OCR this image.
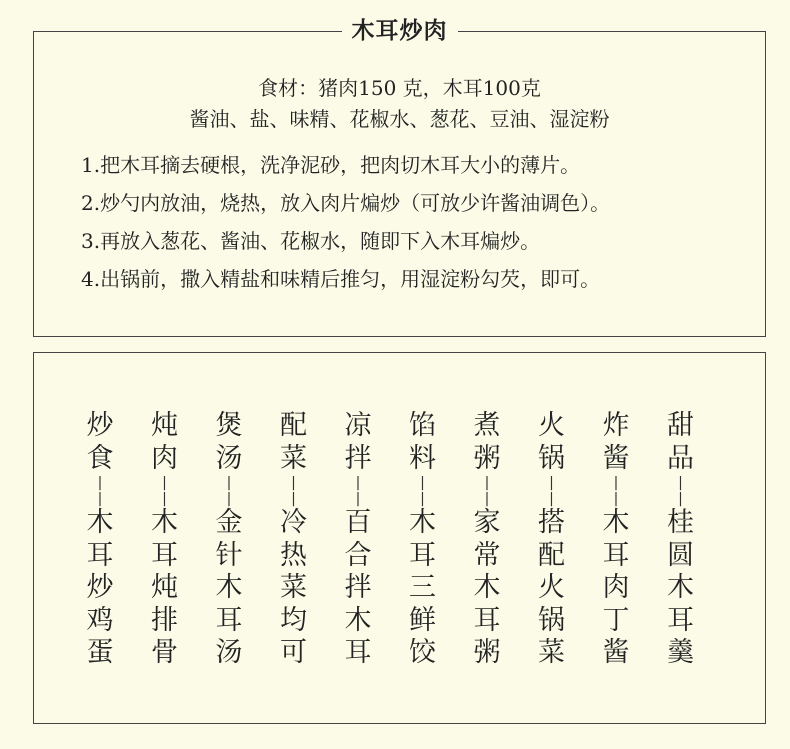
木耳炒肉
食材：猪肉150 克，木耳100克
酱油、盐、味精、花椒水、葱花、豆油、湿淀粉
1.把木耳摘去硬根，洗净泥砂，把肉切木耳大小的薄片。
2.炒勺内放油，烧热，放入肉片煸炒（可放少许酱油调色）。
3.再放入葱花、酱油、花椒水，随即下入木耳煸炒。
4.出锅前，撒入精盐和味精后推匀，用湿淀粉勾芡，即可。
炒
食
|
|
木
耳
炒
鸡
蛋
炖
肉
|
|
木
耳
炖
排
骨
煲
汤
|
|
金
针
木
耳
汤
配
菜
|
|
冷
热
菜
均
可
凉
拌
|
|
百
合
拌
木
耳
馅
料
|
|
木
耳
三
鲜
饺
煮
粥
|
|
家
常
木
耳
粥
火
锅
|
|
搭
配
火
锅
菜
炸
酱
|
|
木
耳
肉
丁
酱
甜
品
|
|
桂
圆
木
耳
羹
